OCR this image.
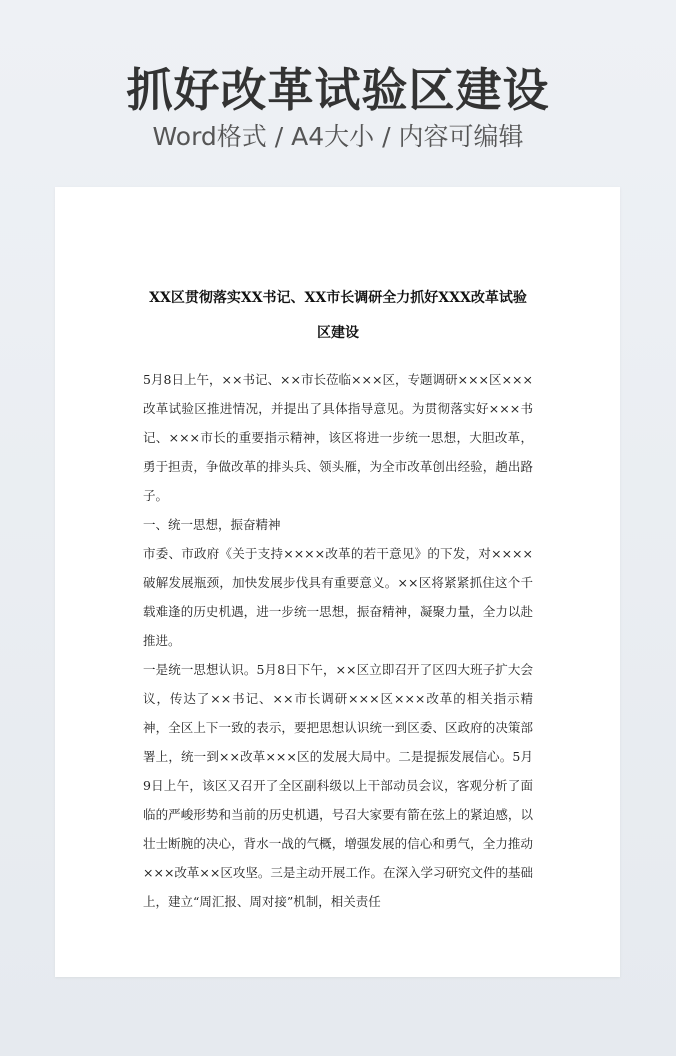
抓好改革试验区建设
Word格式 / A4大小 / 内容可编辑
XX区贯彻落实XX书记、XX市长调研全力抓好XXX改革试验区建设

5月8日上午，××书记、××市长莅临×××区，专题调研×××区×××改革试验区推进情况，并提出了具体指导意见。为贯彻落实好×××书记、×××市长的重要指示精神，该区将进一步统一思想，大胆改革，勇于担责，争做改革的排头兵、领头雁，为全市改革创出经验，趟出路子。

一、统一思想，振奋精神

市委、市政府《关于支持××××改革的若干意见》的下发，对××××破解发展瓶颈，加快发展步伐具有重要意义。××区将紧紧抓住这个千载难逢的历史机遇，进一步统一思想，振奋精神，凝聚力量，全力以赴推进。

一是统一思想认识。5月8日下午，××区立即召开了区四大班子扩大会议，传达了××书记、××市长调研×××区×××改革的相关指示精神，全区上下一致的表示，要把思想认识统一到区委、区政府的决策部署上，统一到××改革×××区的发展大局中。二是提振发展信心。5月9日上午，该区又召开了全区副科级以上干部动员会议，客观分析了面临的严峻形势和当前的历史机遇，号召大家要有箭在弦上的紧迫感，以壮士断腕的决心，背水一战的气概，增强发展的信心和勇气，全力推动×××改革××区攻坚。三是主动开展工作。在深入学习研究文件的基础上，建立“周汇报、周对接”机制，相关责任
